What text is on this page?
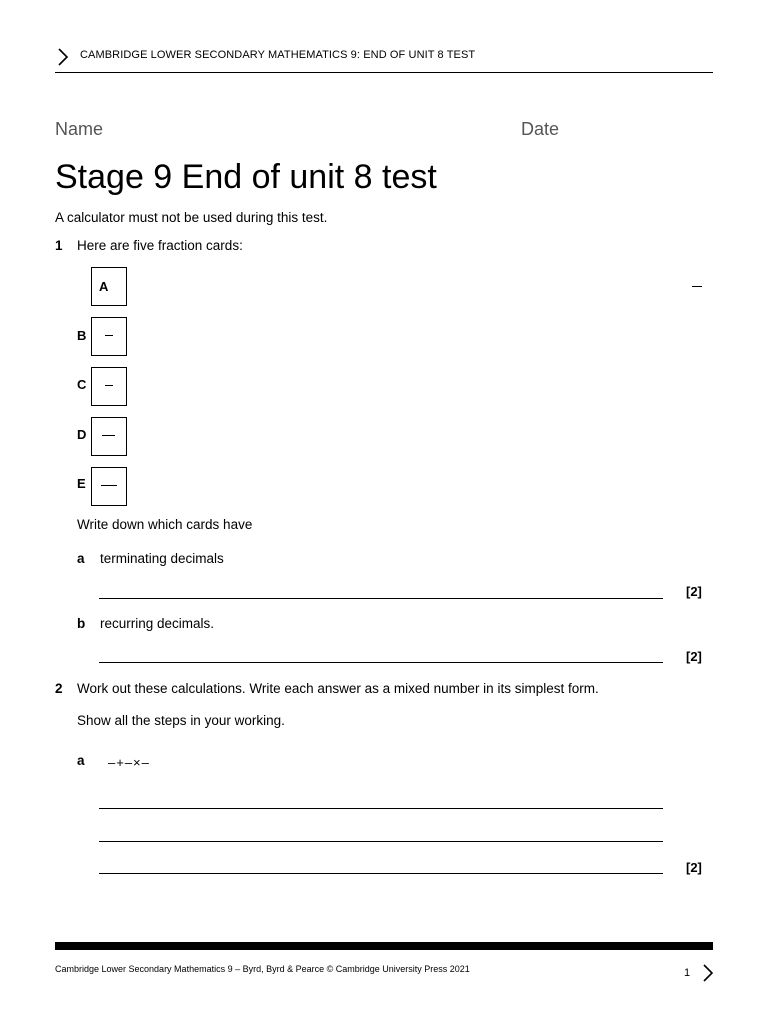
CAMBRIDGE LOWER SECONDARY MATHEMATICS 9: END OF UNIT 8 TEST
Name	Date
Stage 9 End of unit 8 test
A calculator must not be used during this test.
1 Here are five fraction cards:
A
B
C
D
E
Write down which cards have
a terminating decimals
[2]
b recurring decimals.
[2]
2 Work out these calculations. Write each answer as a mixed number in its simplest form.
Show all the steps in your working.
a –+–×–
[2]
Cambridge Lower Secondary Mathematics 9 – Byrd, Byrd & Pearce © Cambridge University Press 2021	1
